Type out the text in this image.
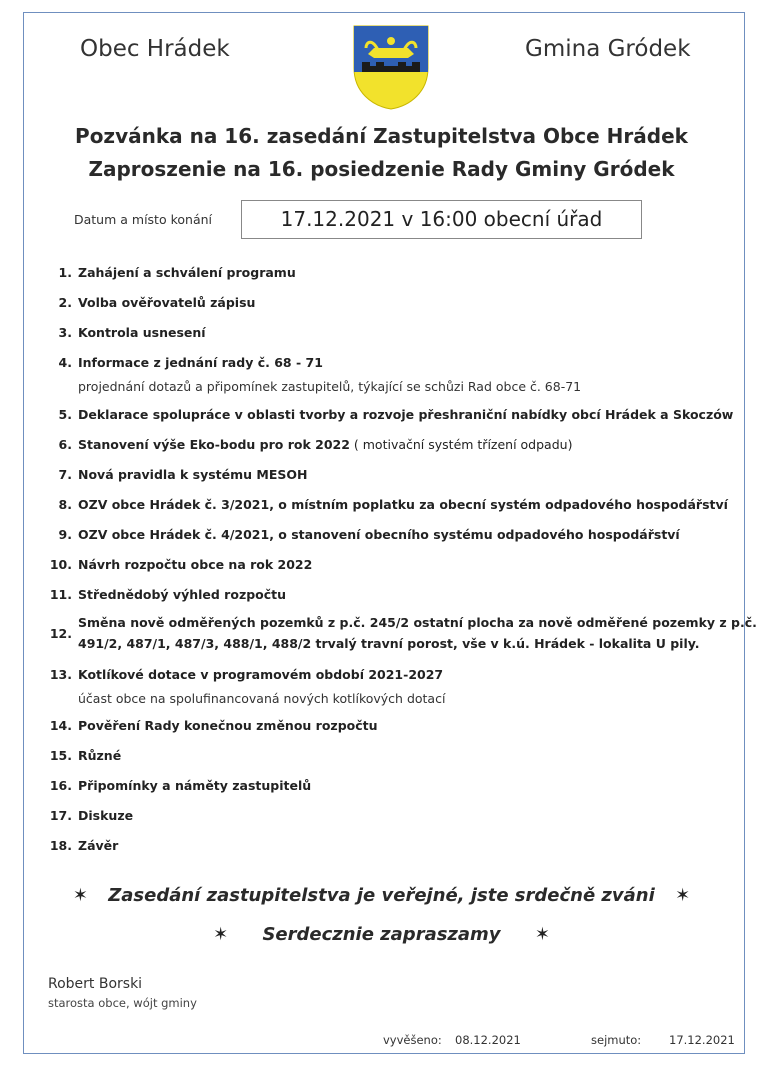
Obec Hrádek	Gmina Gródek
Pozvánka na 16. zasedání Zastupitelstva Obce Hrádek
Zaproszenie na 16. posiedzenie Rady Gminy Gródek
Datum a místo konání	17.12.2021 v 16:00 obecní úřad
1. Zahájení a schválení programu
2. Volba ověřovatelů zápisu
3. Kontrola usnesení
4. Informace z jednání rady č. 68 - 71
projednání dotazů a připomínek zastupitelů, týkající se schůzi Rad obce č. 68-71
5. Deklarace spolupráce v oblasti tvorby a rozvoje přeshraniční nabídky obcí Hrádek a Skoczów
6. Stanovení výše Eko-bodu pro rok 2022 ( motivační systém třízení odpadu)
7. Nová pravidla k systému MESOH
8. OZV obce Hrádek č. 3/2021, o místním poplatku za obecní systém odpadového hospodářství
9. OZV obce Hrádek č. 4/2021, o stanovení obecního systému odpadového hospodářství
10. Návrh rozpočtu obce na rok 2022
11. Střednědobý výhled rozpočtu
12.
Směna nově odměřených pozemků z p.č. 245/2 ostatní plocha za nově odměřené pozemky z p.č.
491/2, 487/1, 487/3, 488/1, 488/2 trvalý travní porost, vše v k.ú. Hrádek - lokalita U pily.
13. Kotlíkové dotace v programovém období 2021-2027
účast obce na spolufinancovaná nových kotlíkových dotací
14. Pověření Rady konečnou změnou rozpočtu
15. Různé
16. Připomínky a náměty zastupitelů
17. Diskuze
18. Závěr
✶ Zasedání zastupitelstva je veřejné, jste srdečně zváni ✶
✶ Serdecznie zapraszamy ✶
Robert Borski
starosta obce, wójt gminy
vyvěšeno: 08.12.2021	sejmuto: 17.12.2021
